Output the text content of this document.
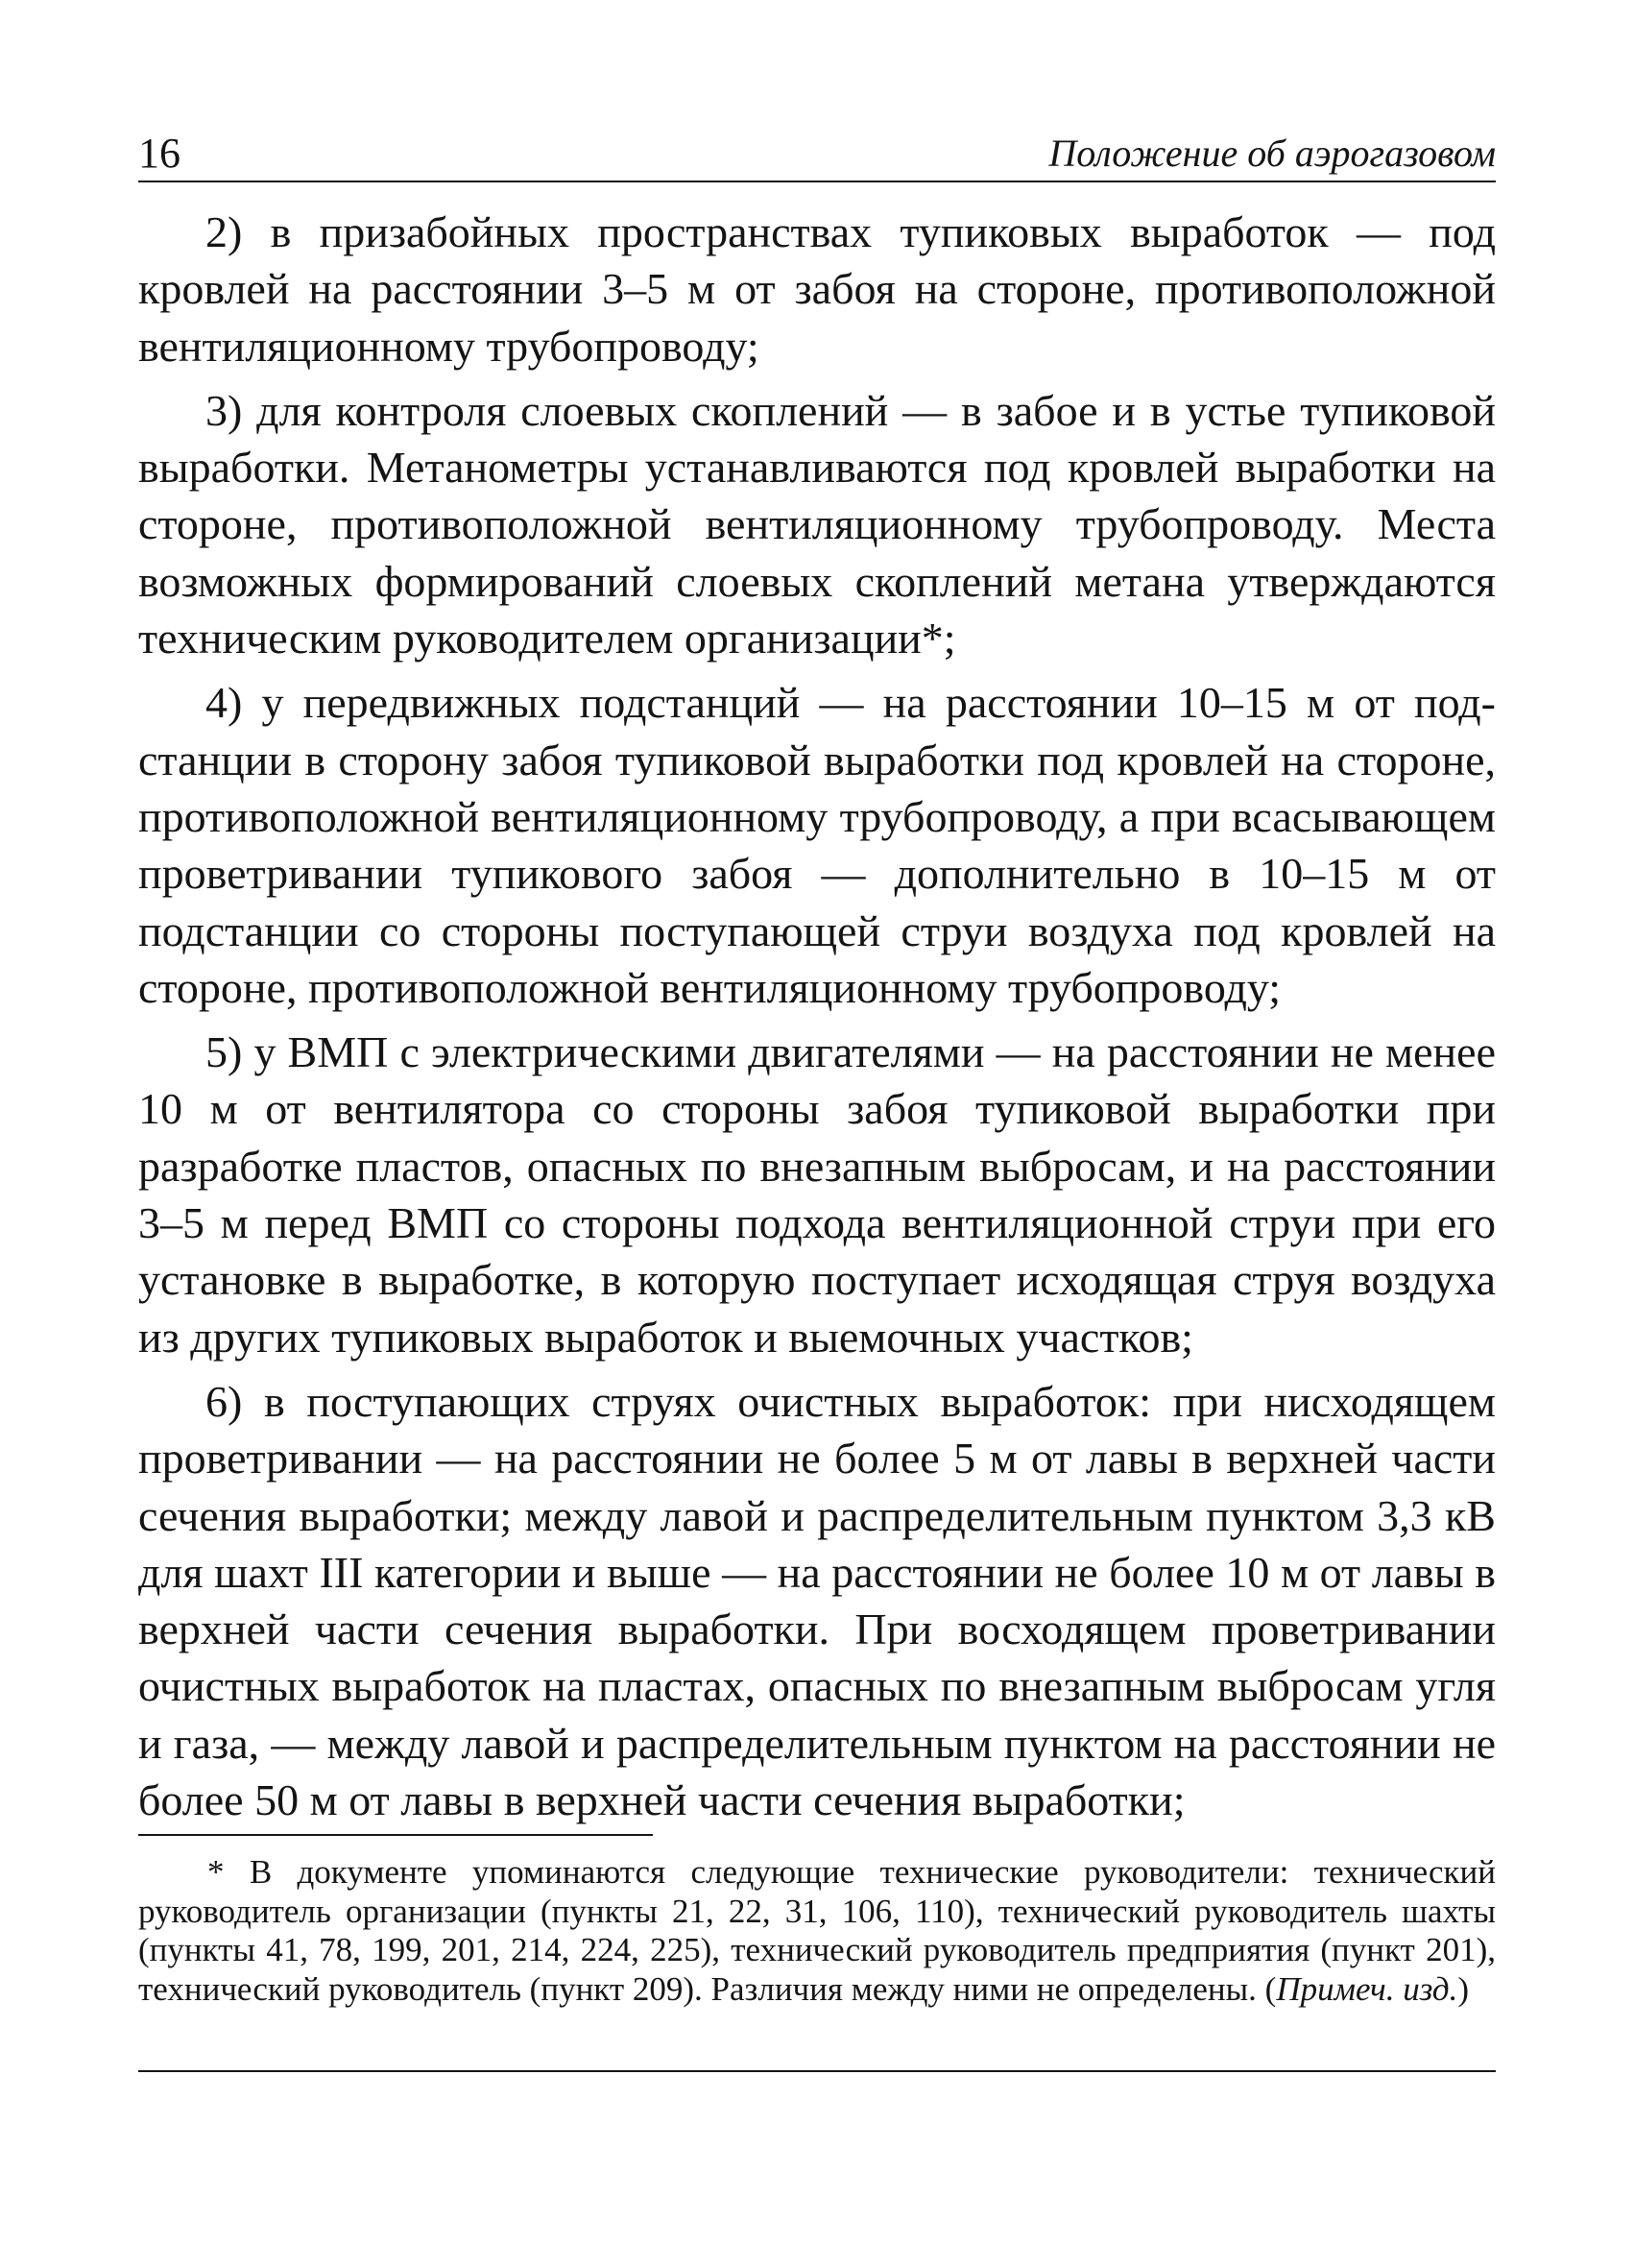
16	Положение об аэрогазовом

2) в призабойных пространствах тупиковых выработок — под кровлей на расстоянии 3–5 м от забоя на стороне, противоположной вентиляционному трубопроводу;

3) для контроля слоевых скоплений — в забое и в устье тупиковой выработки. Метанометры устанавливаются под кровлей выработки на стороне, противоположной вентиляционному трубопроводу. Места возможных формирований слоевых скоплений метана утверждаются техническим руководителем организации*;

4) у передвижных подстанций — на расстоянии 10–15 м от подстанции в сторону забоя тупиковой выработки под кровлей на стороне, противоположной вентиляционному трубопроводу, а при всасывающем проветривании тупикового забоя — дополнительно в 10–15 м от подстанции со стороны поступающей струи воздуха под кровлей на стороне, противоположной вентиляционному трубопроводу;

5) у ВМП с электрическими двигателями — на расстоянии не менее 10 м от вентилятора со стороны забоя тупиковой выработки при разработке пластов, опасных по внезапным выбросам, и на расстоянии 3–5 м перед ВМП со стороны подхода вентиляционной струи при его установке в выработке, в которую поступает исходящая струя воздуха из других тупиковых выработок и выемочных участков;

6) в поступающих струях очистных выработок: при нисходящем проветривании — на расстоянии не более 5 м от лавы в верхней части сечения выработки; между лавой и распределительным пунктом 3,3 кВ для шахт III категории и выше — на расстоянии не более 10 м от лавы в верхней части сечения выработки. При восходящем проветривании очистных выработок на пластах, опасных по внезапным выбросам угля и газа, — между лавой и распределительным пунктом на расстоянии не более 50 м от лавы в верхней части сечения выработки;

* В документе упоминаются следующие технические руководители: технический руководитель организации (пункты 21, 22, 31, 106, 110), технический руководитель шахты (пункты 41, 78, 199, 201, 214, 224, 225), технический руководитель предприятия (пункт 201), технический руководитель (пункт 209). Различия между ними не определены. (Примеч. изд.)
